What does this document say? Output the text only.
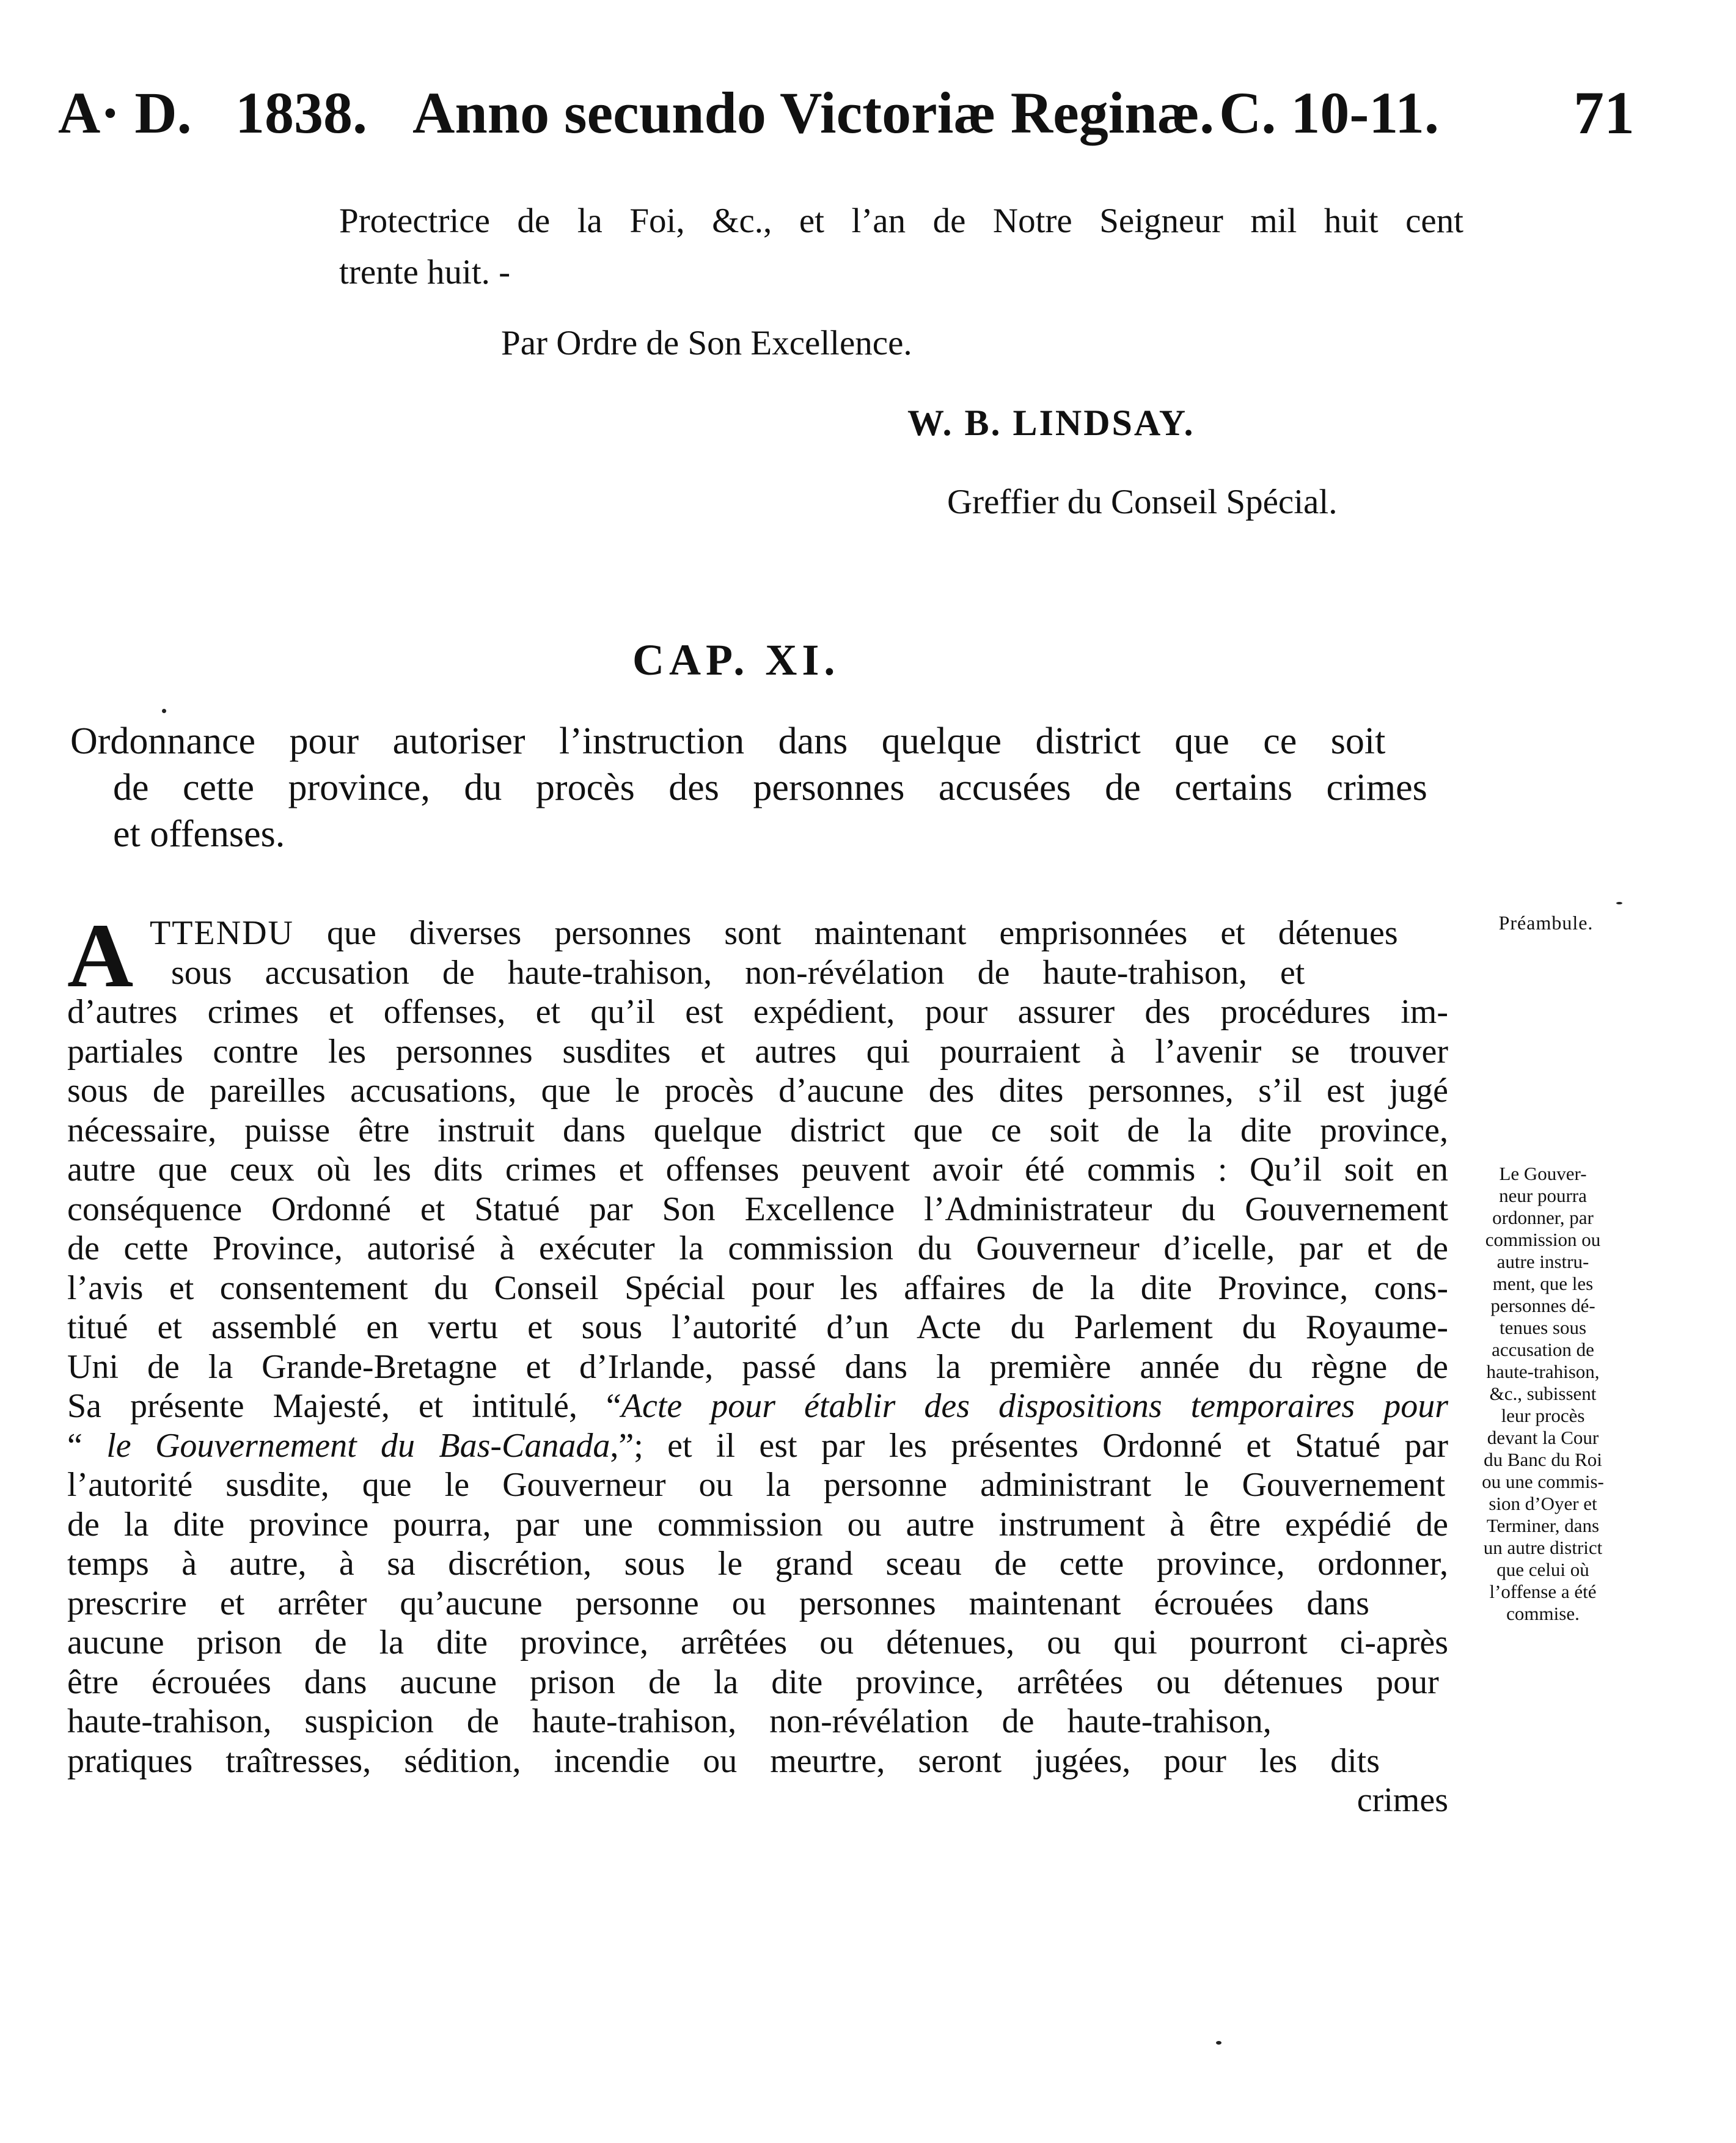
A· D. 1838. Anno secundo Victoriæ Reginæ. C. 10-11. 71
Protectrice de la Foi, &c., et l’an de Notre Seigneur mil huit cent
trente huit. -
Par Ordre de Son Excellence.
W. B. LINDSAY.
Greffier du Conseil Spécial.
CAP. XI.
Ordonnance pour autoriser l’instruction dans quelque district que ce soit
de cette province, du procès des personnes accusées de certains crimes
et offenses.
A TTENDU que diverses personnes sont maintenant emprisonnées et détenues
sous accusation de haute-trahison, non-révélation de haute-trahison, et
d’autres crimes et offenses, et qu’il est expédient, pour assurer des procédures im-
partiales contre les personnes susdites et autres qui pourraient à l’avenir se trouver
sous de pareilles accusations, que le procès d’aucune des dites personnes, s’il est jugé
nécessaire, puisse être instruit dans quelque district que ce soit de la dite province,
autre que ceux où les dits crimes et offenses peuvent avoir été commis : Qu’il soit en
conséquence Ordonné et Statué par Son Excellence l’Administrateur du Gouvernement
de cette Province, autorisé à exécuter la commission du Gouverneur d’icelle, par et de
l’avis et consentement du Conseil Spécial pour les affaires de la dite Province, cons-
titué et assemblé en vertu et sous l’autorité d’un Acte du Parlement du Royaume-
Uni de la Grande-Bretagne et d’Irlande, passé dans la première année du règne de
Sa présente Majesté, et intitulé, “Acte pour établir des dispositions temporaires pour
“ le Gouvernement du Bas-Canada,”; et il est par les présentes Ordonné et Statué par
l’autorité susdite, que le Gouverneur ou la personne administrant le Gouvernement
de la dite province pourra, par une commission ou autre instrument à être expédié de
temps à autre, à sa discrétion, sous le grand sceau de cette province, ordonner,
prescrire et arrêter qu’aucune personne ou personnes maintenant écrouées dans
aucune prison de la dite province, arrêtées ou détenues, ou qui pourront ci-après
être écrouées dans aucune prison de la dite province, arrêtées ou détenues pour
haute-trahison, suspicion de haute-trahison, non-révélation de haute-trahison,
pratiques traîtresses, sédition, incendie ou meurtre, seront jugées, pour les dits
crimes
Préambule.
Le Gouver-
neur pourra
ordonner, par
commission ou
autre instru-
ment, que les
personnes dé-
tenues sous
accusation de
haute-trahison,
&c., subissent
leur procès
devant la Cour
du Banc du Roi
ou une commis-
sion d’Oyer et
Terminer, dans
un autre district
que celui où
l’offense a été
commise.
